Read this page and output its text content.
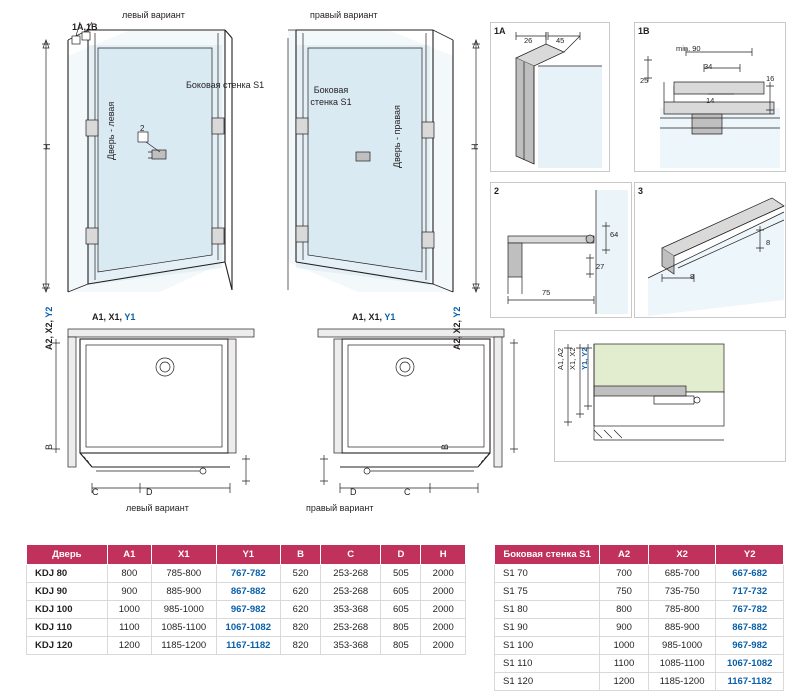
левый вариант
1A,1B
H
Боковая стенка S1
Дверь - левая	2
A1, X1, Y1
правый вариант
Боковая
стенка S1
Дверь - правая	H
A1, X1, Y1
A2, X2, Y2
B
C	D
левый вариант
A2, X2, Y2
B
D	C
правый вариант
1А
26	45
1B
25
min. 90
16
34
14
2
64
27
75
3
8
8
A1, A2 X1, X2 Y1, Y2
Дверь	A1	X1	Y1	B	C	D	H
KDJ 80	800	785-800	767-782	520	253-268	505	2000
KDJ 90	900	885-900	867-882	620	253-268	605	2000
KDJ 100	1000	985-1000	967-982	620	353-368	605	2000
KDJ 110	1100	1085-1100	1067-1082	820	253-268	805	2000
KDJ 120	1200	1185-1200	1167-1182	820	353-368	805	2000
Боковая стенка S1	A2	X2	Y2
S1 70	700	685-700	667-682
S1 75	750	735-750	717-732
S1 80	800	785-800	767-782
S1 90	900	885-900	867-882
S1 100	1000	985-1000	967-982
S1 110	1100	1085-1100	1067-1082
S1 120	1200	1185-1200	1167-1182
